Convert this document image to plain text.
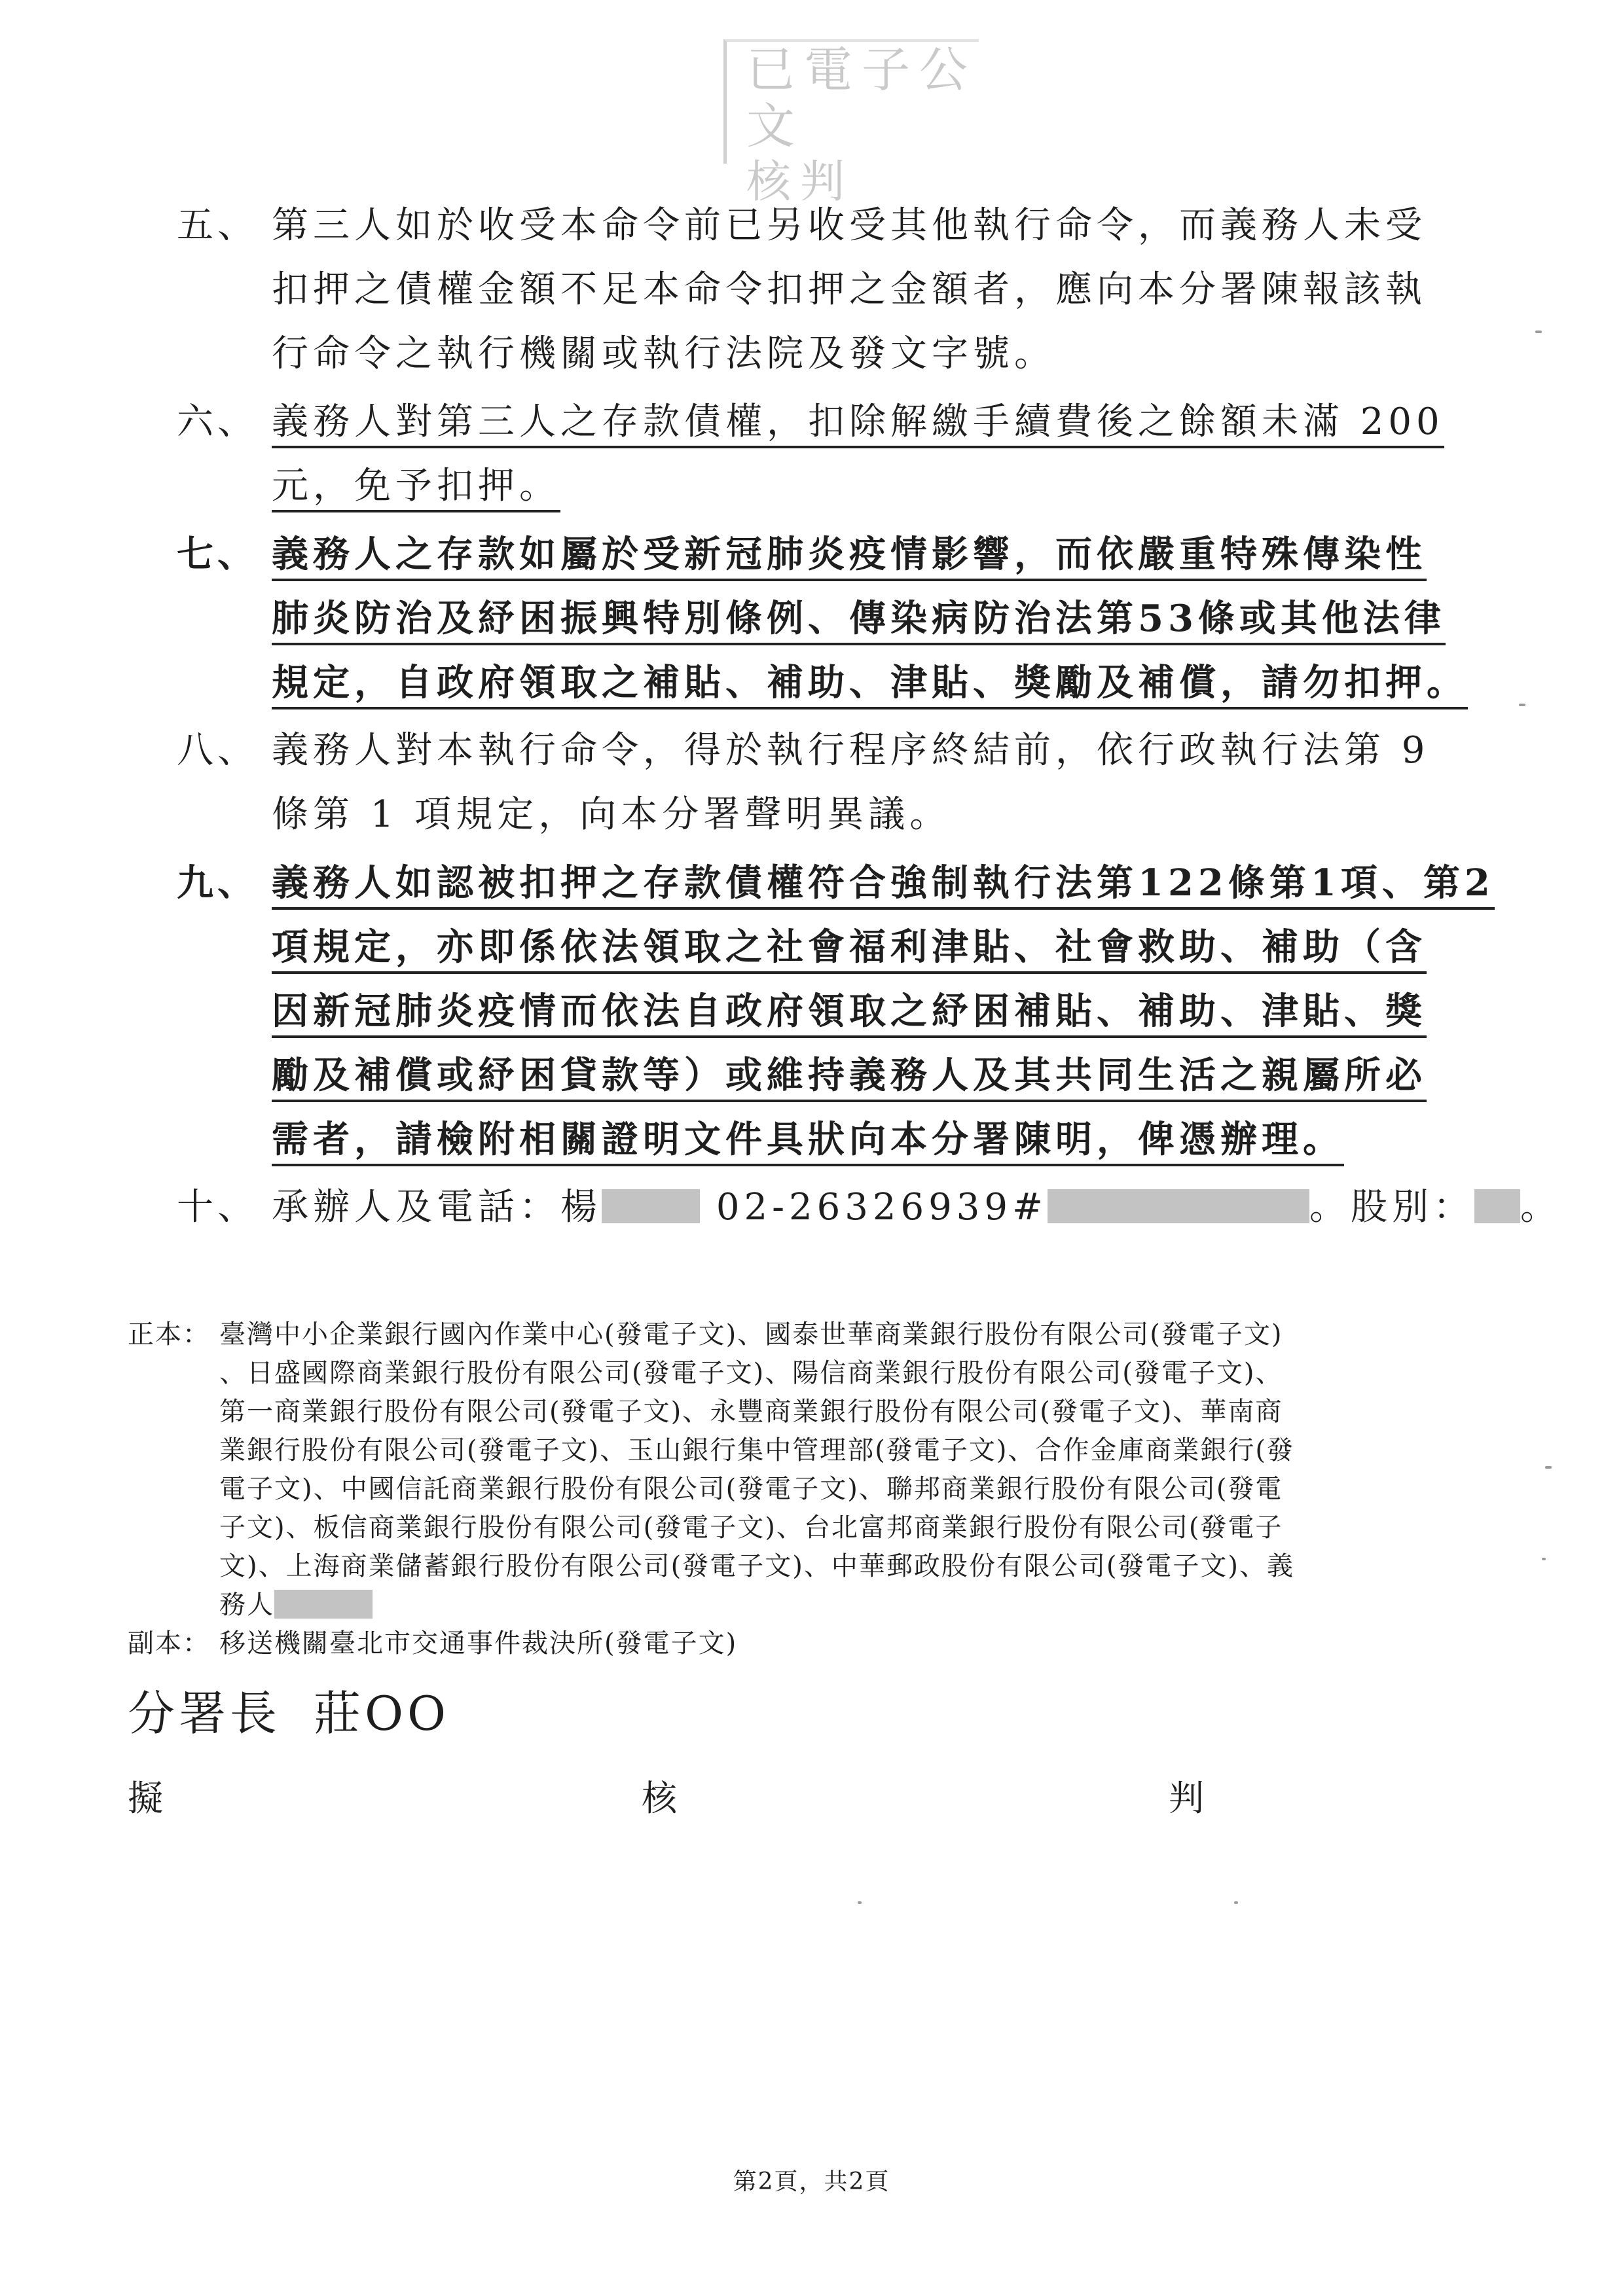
已電子公文
核判
五、 第三人如於收受本命令前已另收受其他執行命令，而義務人未受
扣押之債權金額不足本命令扣押之金額者，應向本分署陳報該執
行命令之執行機關或執行法院及發文字號。
六、 義務人對第三人之存款債權，扣除解繳手續費後之餘額未滿 200
元，免予扣押。
七、 義務人之存款如屬於受新冠肺炎疫情影響，而依嚴重特殊傳染性
肺炎防治及紓困振興特別條例、傳染病防治法第53條或其他法律
規定，自政府領取之補貼、補助、津貼、獎勵及補償，請勿扣押。
八、 義務人對本執行命令，得於執行程序終結前，依行政執行法第 9
條第 1 項規定，向本分署聲明異議。
九、 義務人如認被扣押之存款債權符合強制執行法第122條第1項、第2
項規定，亦即係依法領取之社會福利津貼、社會救助、補助（含
因新冠肺炎疫情而依法自政府領取之紓困補貼、補助、津貼、獎
勵及補償或紓困貸款等）或維持義務人及其共同生活之親屬所必
需者，請檢附相關證明文件具狀向本分署陳明，俾憑辦理。
十、 承辦人及電話：楊	02-26326939#	。股別： 。
正本： 臺灣中小企業銀行國內作業中心(發電子文)、國泰世華商業銀行股份有限公司(發電子文)
、日盛國際商業銀行股份有限公司(發電子文)、陽信商業銀行股份有限公司(發電子文)、
第一商業銀行股份有限公司(發電子文)、永豐商業銀行股份有限公司(發電子文)、華南商
業銀行股份有限公司(發電子文)、玉山銀行集中管理部(發電子文)、合作金庫商業銀行(發
電子文)、中國信託商業銀行股份有限公司(發電子文)、聯邦商業銀行股份有限公司(發電
子文)、板信商業銀行股份有限公司(發電子文)、台北富邦商業銀行股份有限公司(發電子
文)、上海商業儲蓄銀行股份有限公司(發電子文)、中華郵政股份有限公司(發電子文)、義
務人
副本： 移送機關臺北市交通事件裁決所(發電子文)
分署長 莊OO
擬	核	判
第2頁，共2頁
